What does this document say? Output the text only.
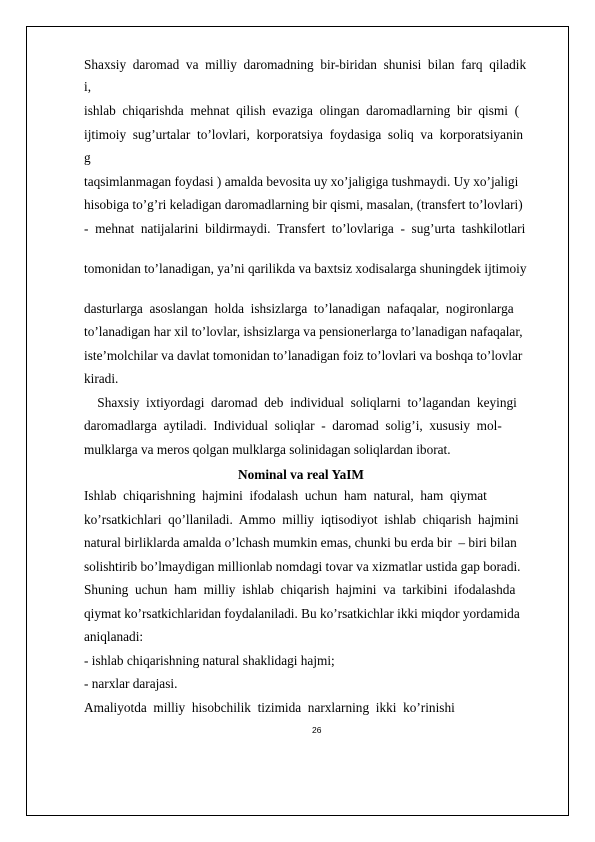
Shaxsiy  daromad  va  milliy  daromadning  bir-biridan  shunisi  bilan  farq  qiladik
i,
ishlab  chiqarishda  mehnat  qilish  evaziga  olingan  daromadlarning  bir  qismi  (
ijtimoiy  sug’urtalar  to’lovlari,  korporatsiya  foydasiga  soliq  va  korporatsiyanin
g
taqsimlanmagan foydasi ) amalda bevosita uy xo’jaligiga tushmaydi. Uy xo’jaligi
hisobiga to’g’ri keladigan daromadlarning bir qismi, masalan, (transfert to’lovlari)
-  mehnat  natijalarini  bildirmaydi.  Transfert  to’lovlariga  -  sug’urta  tashkilotlari
tomonidan to’lanadigan, ya’ni qarilikda va baxtsiz xodisalarga shuningdek ijtimoiy
dasturlarga  asoslangan  holda  ishsizlarga  to’lanadigan  nafaqalar,  nogironlarga
to’lanadigan har xil to’lovlar, ishsizlarga va pensionerlarga to’lanadigan nafaqalar,
iste’molchilar va davlat tomonidan to’lanadigan foiz to’lovlari va boshqa to’lovlar
kiradi.
Shaxsiy  ixtiyordagi  daromad  deb  individual  soliqlarni  to’lagandan  keyingi
daromadlarga  aytiladi.  Individual  soliqlar  -  daromad  solig’i,  xususiy  mol-
mulklarga va meros qolgan mulklarga solinidagan soliqlardan iborat.
Nominal va real YaIM
Ishlab  chiqarishning  hajmini  ifodalash  uchun  ham  natural,  ham  qiymat
ko’rsatkichlari  qo’llaniladi.  Ammo  milliy  iqtisodiyot  ishlab  chiqarish  hajmini
natural birliklarda amalda o’lchash mumkin emas, chunki bu erda bir  – biri bilan
solishtirib bo’lmaydigan millionlab nomdagi tovar va xizmatlar ustida gap boradi.
Shuning  uchun  ham  milliy  ishlab  chiqarish  hajmini  va  tarkibini  ifodalashda
qiymat ko’rsatkichlaridan foydalaniladi. Bu ko’rsatkichlar ikki miqdor yordamida
aniqlanadi:
- ishlab chiqarishning natural shaklidagi hajmi;
- narxlar darajasi.
Amaliyotda  milliy  hisobchilik  tizimida  narxlarning  ikki  ko’rinishi
26
